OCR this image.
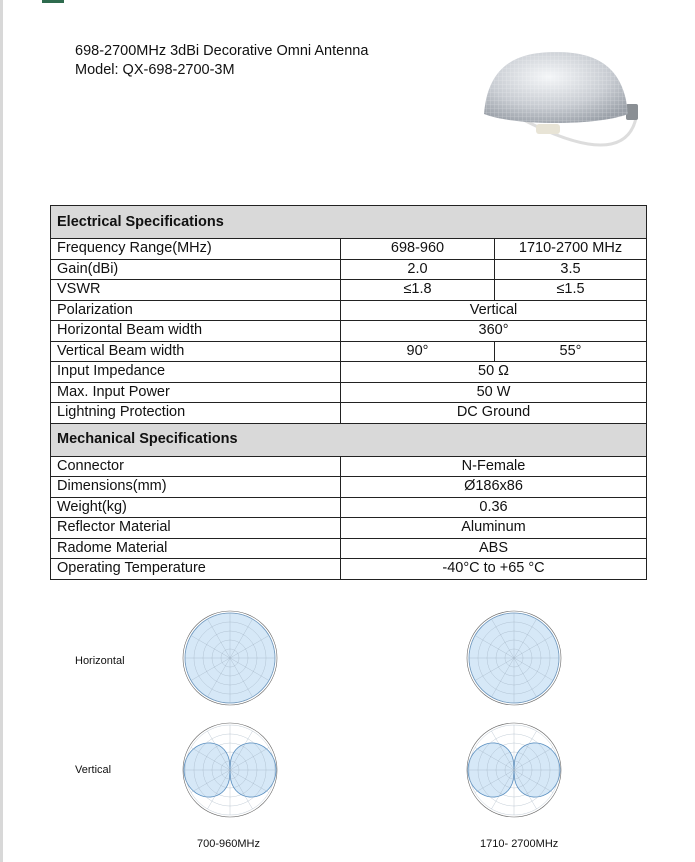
698-2700MHz 3dBi Decorative Omni Antenna
Model: QX-698-2700-3M
Electrical Specifications		
Frequency Range(MHz)	698-960	1710-2700 MHz
Gain(dBi)	2.0	3.5
VSWR	≤1.8	≤1.5
Polarization	Vertical	
Horizontal Beam width	360°	
Vertical Beam width	90°	55°
Input Impedance	50 Ω	
Max. Input Power	50 W	
Lightning Protection	DC Ground	
Mechanical Specifications		
Connector	N-Female	
Dimensions(mm)	Ø186x86	
Weight(kg)	0.36	
Reflector Material	Aluminum	
Radome Material	ABS	
Operating Temperature	-40°C to +65 °C	
Horizontal
Vertical
700-960MHz	1710- 2700MHz
